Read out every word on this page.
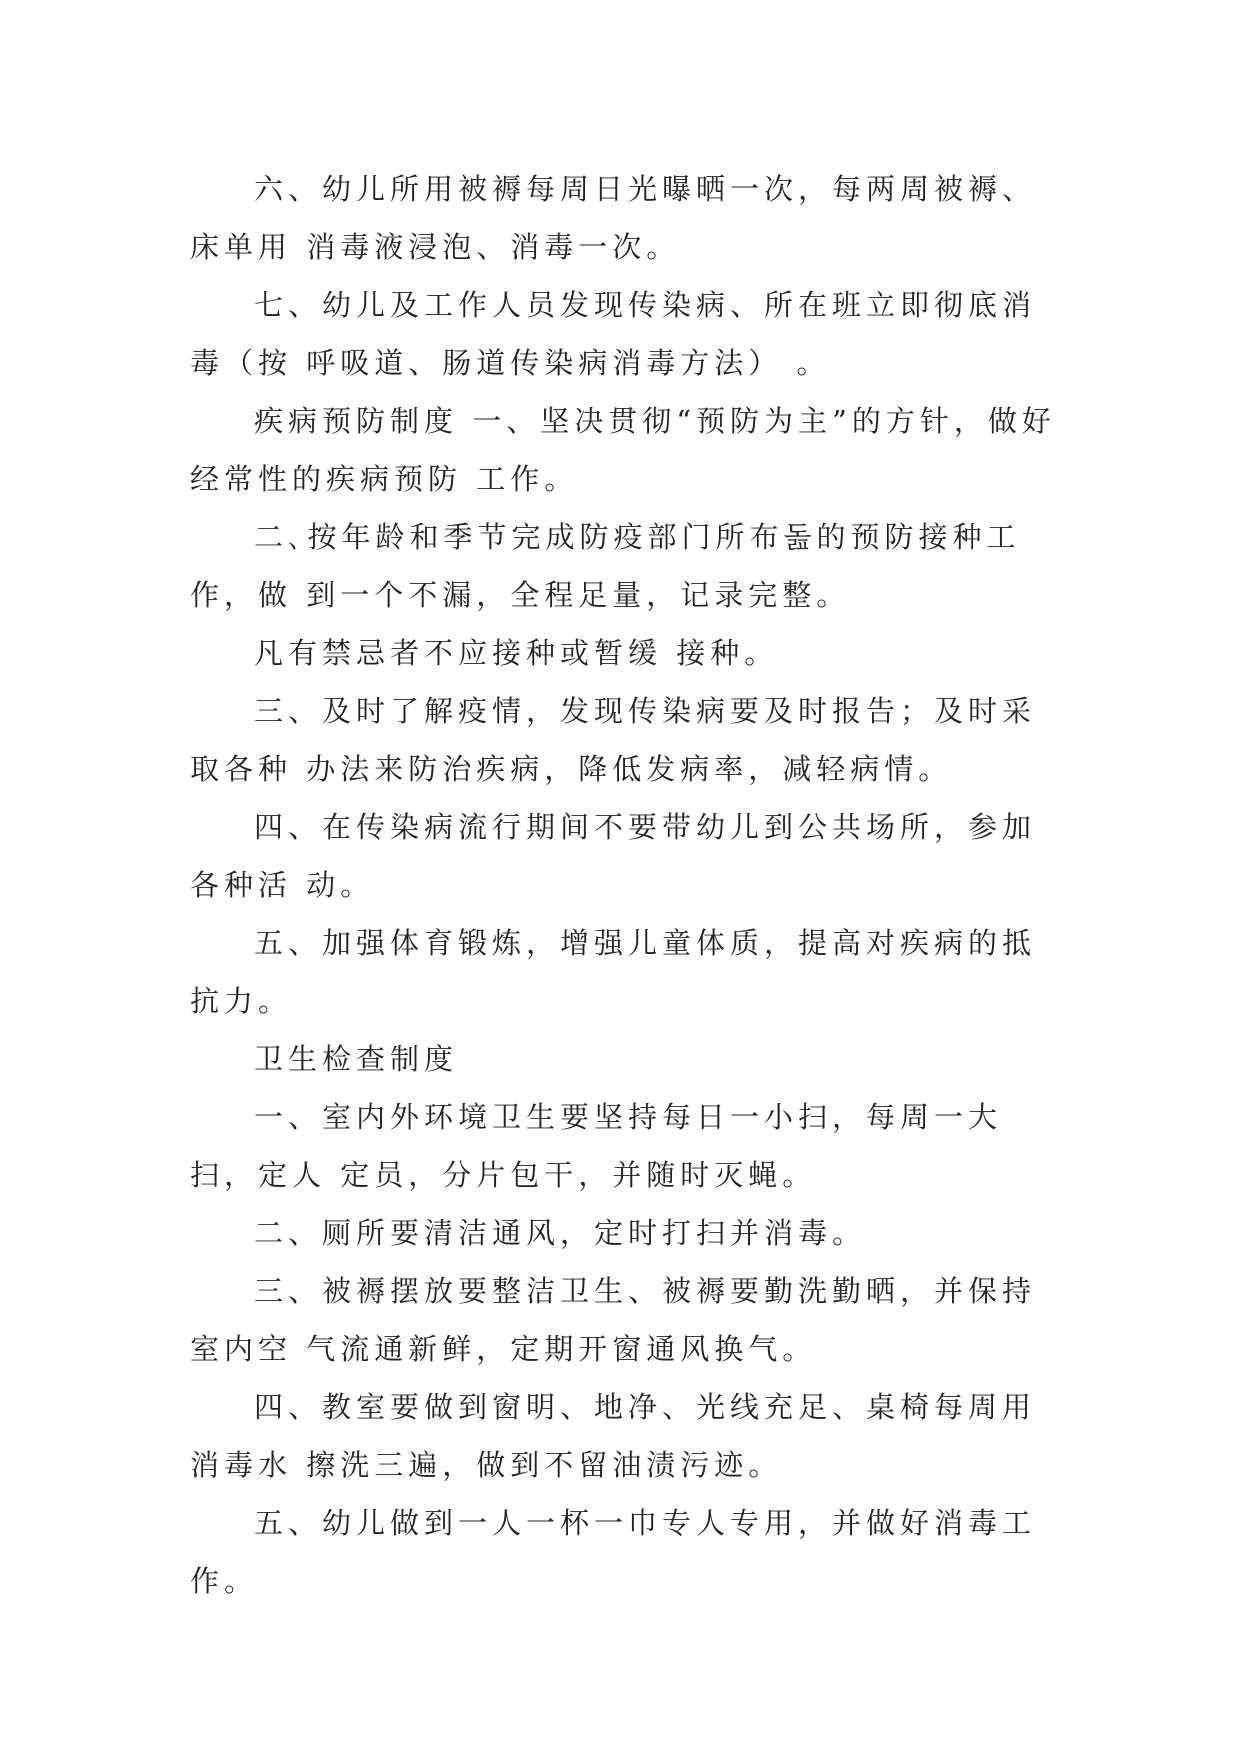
六、幼儿所用被褥每周日光曝晒一次，每两周被褥、床单用 消毒液浸泡、消毒一次。

七、幼儿及工作人员发现传染病、所在班立即彻底消毒（按 呼吸道、肠道传染病消毒方法） 。

疾病预防制度 一、坚决贯彻“预防为主”的方针，做好经常性的疾病预防 工作。

二､按年龄和季节完成防疫部门所布돒的预防接种工作，做 到一个不漏，全程足量，记录完整。

凡有禁忌者不应接种或暂缓 接种。

三、及时了解疫情，发现传染病要及时报告；及时采取各种 办法来防治疾病，降低发病率，减轻病情。

四、在传染病流行期间不要带幼儿到公共场所，参加各种活 动。

五、加强体育锻炼，增强儿童体质，提高对疾病的抵抗力。

卫生检查制度

一、室内外环境卫生要坚持每日一小扫，每周一大扫，定人 定员，分片包干，并随时灭蝇。

二、厕所要清洁通风，定时打扫并消毒。

三、被褥摆放要整洁卫生、被褥要勤洗勤晒，并保持室内空 气流通新鲜，定期开窗通风换气。

四、教室要做到窗明、地净、光线充足、桌椅每周用消毒水 擦洗三遍，做到不留油渍污迹。

五、幼儿做到一人一杯一巾专人专用，并做好消毒工作。
